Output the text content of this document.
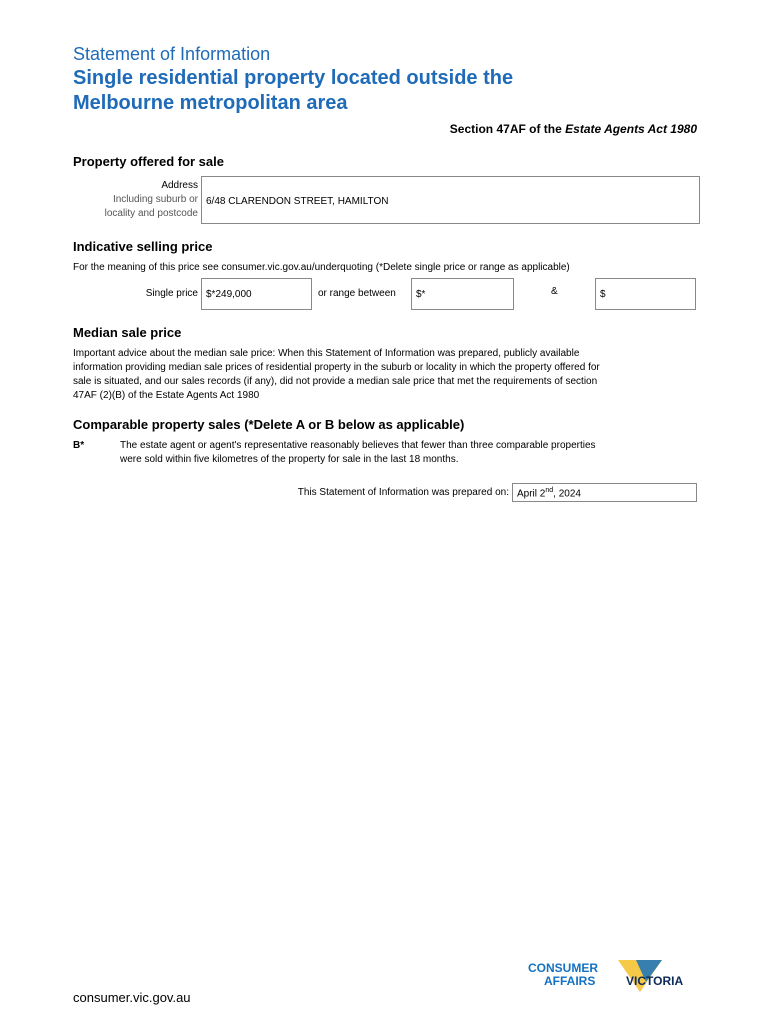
Statement of Information
Single residential property located outside the
Melbourne metropolitan area
Section 47AF of the Estate Agents Act 1980
Property offered for sale
Address
Including suburb or
locality and postcode
6/48 CLARENDON STREET, HAMILTON
Indicative selling price
For the meaning of this price see consumer.vic.gov.au/underquoting (*Delete single price or range as applicable)
Single price $*249,000	or range between	$*	&	$
Median sale price
Important advice about the median sale price: When this Statement of Information was prepared, publicly available
information providing median sale prices of residential property in the suburb or locality in which the property offered for
sale is situated, and our sales records (if any), did not provide a median sale price that met the requirements of section
47AF (2)(B) of the Estate Agents Act 1980
Comparable property sales (*Delete A or B below as applicable)
B*	The estate agent or agent's representative reasonably believes that fewer than three comparable properties
were sold within five kilometres of the property for sale in the last 18 months.
This Statement of Information was prepared on: April 2nd, 2024
CONSUMER
AFFAIRS	VICTORIA
consumer.vic.gov.au
